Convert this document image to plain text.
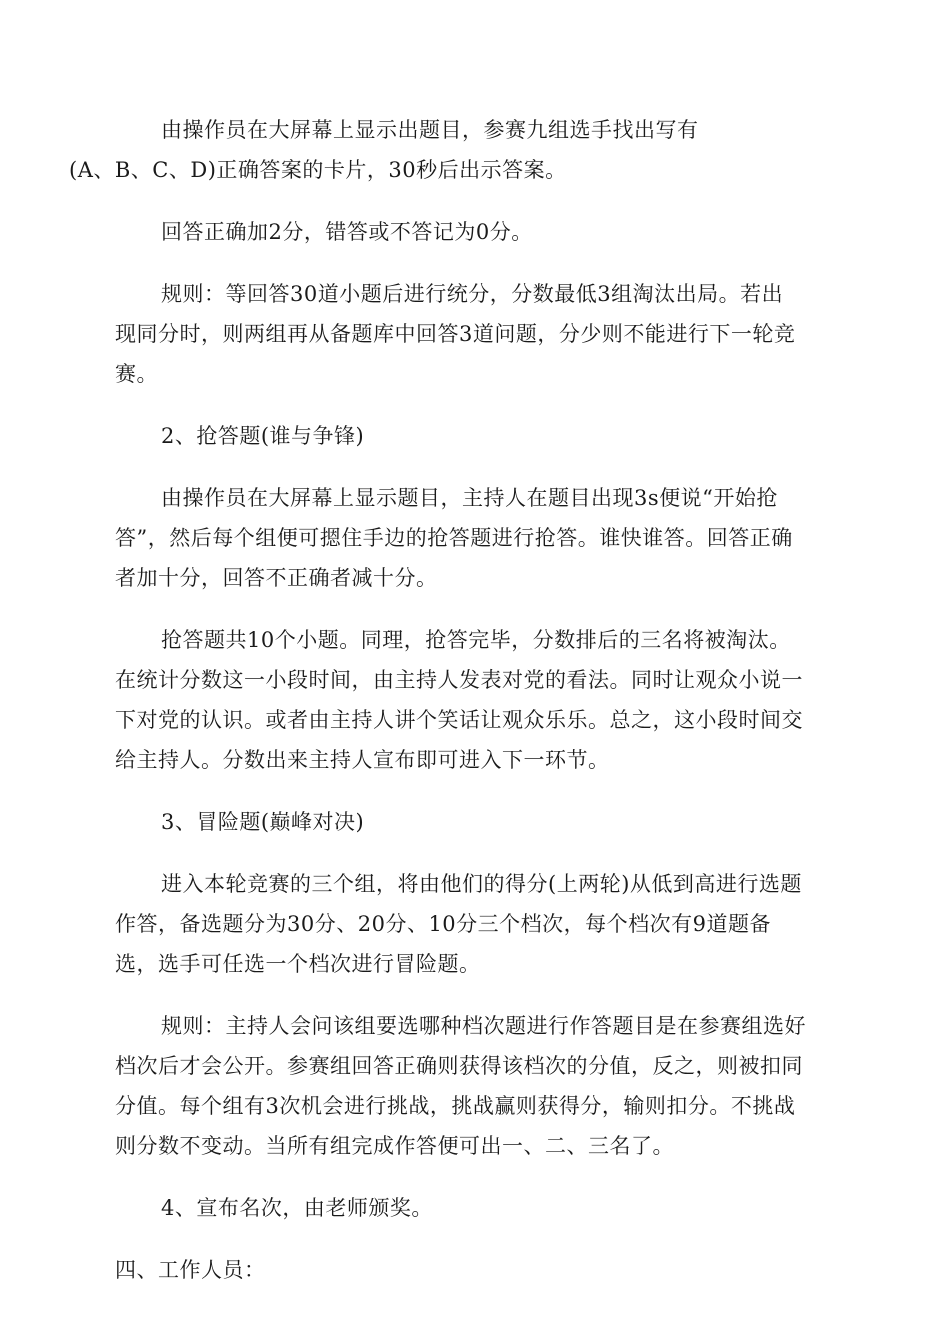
由操作员在大屏幕上显示出题目，参赛九组选手找出写有
(A、B、C、D)正确答案的卡片，30秒后出示答案。

回答正确加2分，错答或不答记为0分。

规则：等回答30道小题后进行统分，分数最低3组淘汰出局。若出
现同分时，则两组再从备题库中回答3道问题，分少则不能进行下一轮竞
赛。

2、抢答题(谁与争锋)

由操作员在大屏幕上显示题目，主持人在题目出现3s便说“开始抢
答”，然后每个组便可摁住手边的抢答题进行抢答。谁快谁答。回答正确
者加十分，回答不正确者减十分。

抢答题共10个小题。同理，抢答完毕，分数排后的三名将被淘汰。
在统计分数这一小段时间，由主持人发表对党的看法。同时让观众小说一
下对党的认识。或者由主持人讲个笑话让观众乐乐。总之，这小段时间交
给主持人。分数出来主持人宣布即可进入下一环节。

3、冒险题(巅峰对决)

进入本轮竞赛的三个组，将由他们的得分(上两轮)从低到高进行选题
作答，备选题分为30分、20分、10分三个档次，每个档次有9道题备
选，选手可任选一个档次进行冒险题。

规则：主持人会问该组要选哪种档次题进行作答题目是在参赛组选好
档次后才会公开。参赛组回答正确则获得该档次的分值，反之，则被扣同
分值。每个组有3次机会进行挑战，挑战赢则获得分，输则扣分。不挑战
则分数不变动。当所有组完成作答便可出一、二、三名了。

4、宣布名次，由老师颁奖。

四、工作人员：
